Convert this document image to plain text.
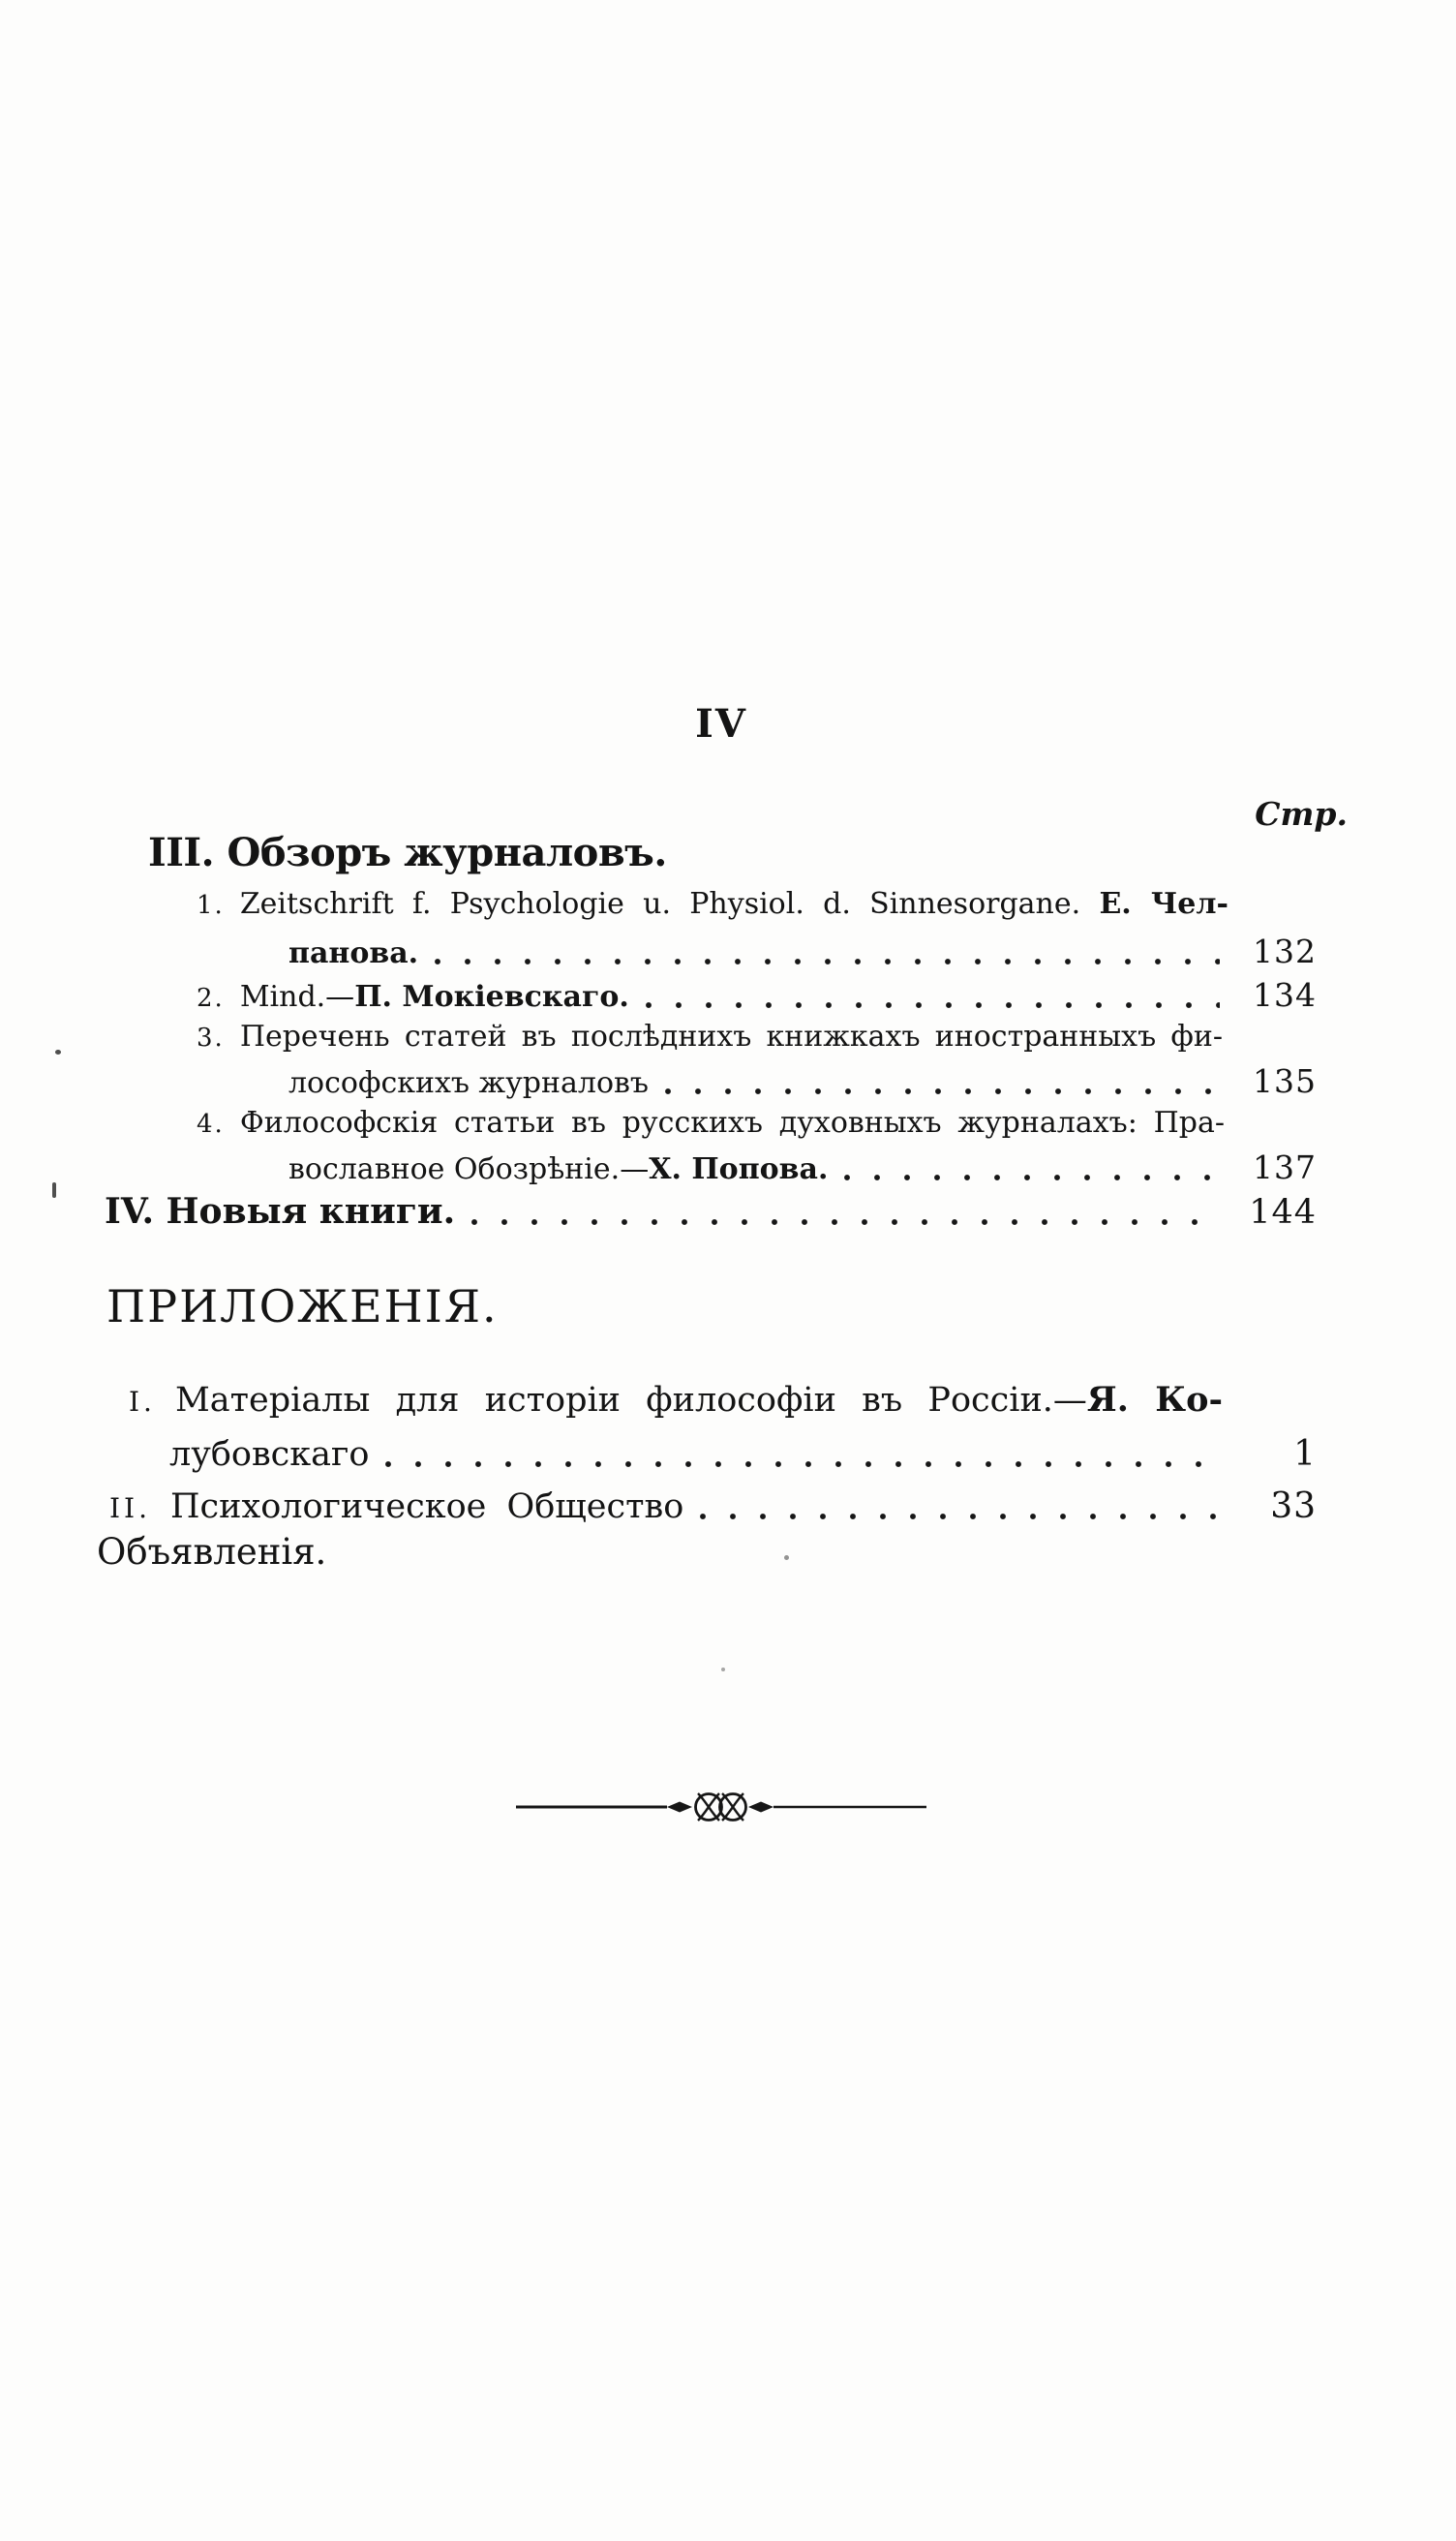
IV
Стр.
III. Обзоръ журналовъ.
1. Zeitschrift f. Psychologie u. Physiol. d. Sinnesorgane. Е. Чел-
панова.	132
2. Mind.— П. Мокіевскаго.	134
3. Перечень статей въ послѣднихъ книжкахъ иностранныхъ фи-
лософскихъ журналовъ	135
4. Философскія статьи въ русскихъ духовныхъ журналахъ: Пра-
вославное Обозрѣніе.— Х. Попова.	137
IV. Новыя книги.	144
ПРИЛОЖЕНІЯ.
I. Матеріалы для исторіи философіи въ Россіи.—Я. Ко-
лубовскаго	1
II. Психологическое Общество	33
Объявленія.
